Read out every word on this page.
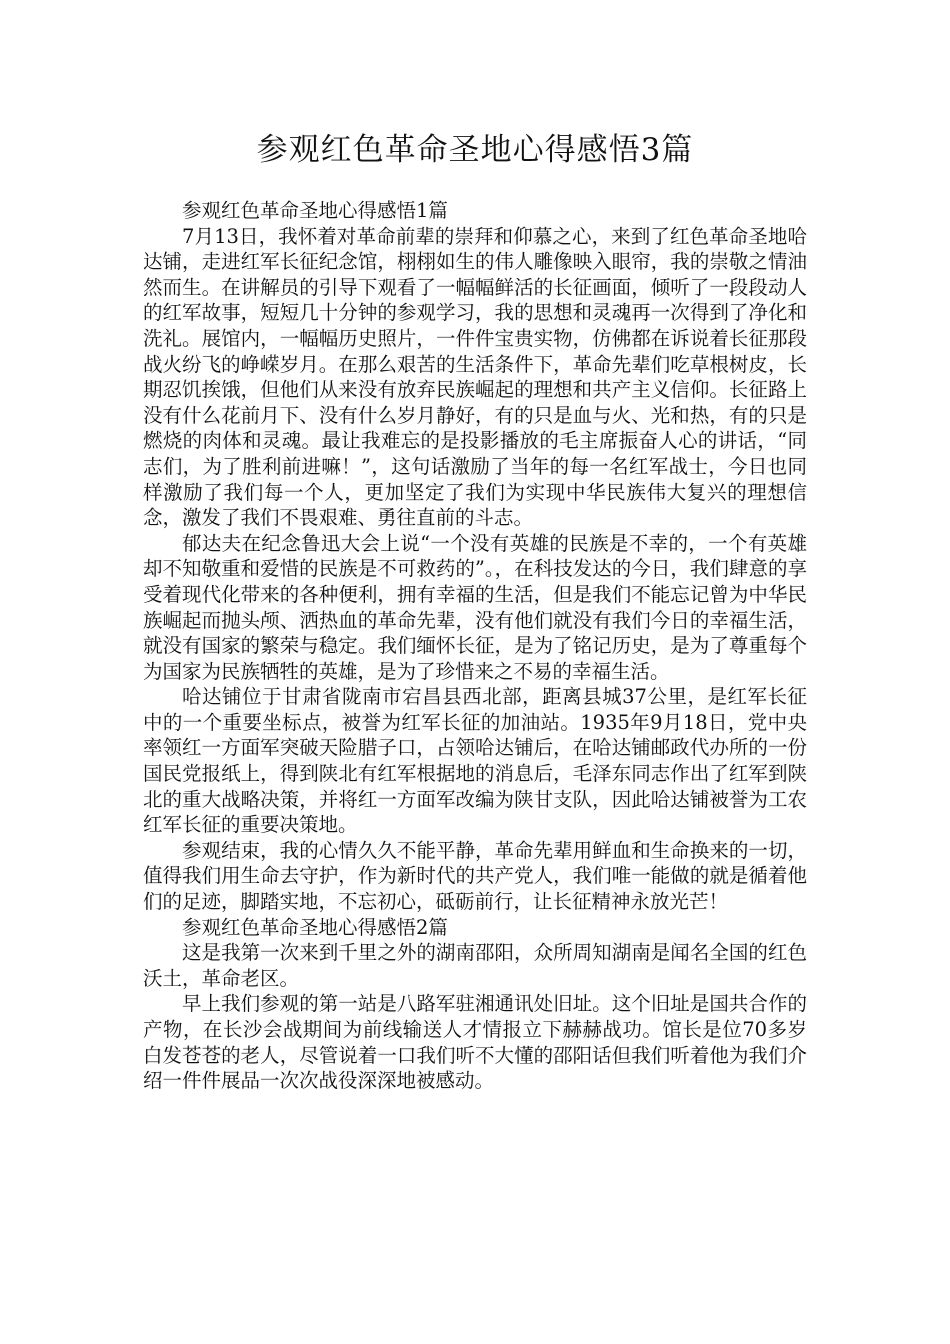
参观红色革命圣地心得感悟3篇

参观红色革命圣地心得感悟1篇

7月13日，我怀着对革命前辈的崇拜和仰慕之心，来到了红色革命圣地哈达铺，走进红军长征纪念馆，栩栩如生的伟人雕像映入眼帘，我的崇敬之情油然而生。在讲解员的引导下观看了一幅幅鲜活的长征画面，倾听了一段段动人的红军故事，短短几十分钟的参观学习，我的思想和灵魂再一次得到了净化和洗礼。展馆内，一幅幅历史照片，一件件宝贵实物，仿佛都在诉说着长征那段战火纷飞的峥嵘岁月。在那么艰苦的生活条件下，革命先辈们吃草根树皮，长期忍饥挨饿，但他们从来没有放弃民族崛起的理想和共产主义信仰。长征路上没有什么花前月下、没有什么岁月静好，有的只是血与火、光和热，有的只是燃烧的肉体和灵魂。最让我难忘的是投影播放的毛主席振奋人心的讲话，“同志们，为了胜利前进嘛！”，这句话激励了当年的每一名红军战士，今日也同样激励了我们每一个人，更加坚定了我们为实现中华民族伟大复兴的理想信念，激发了我们不畏艰难、勇往直前的斗志。

郁达夫在纪念鲁迅大会上说“一个没有英雄的民族是不幸的，一个有英雄却不知敬重和爱惜的民族是不可救药的”。，在科技发达的今日，我们肆意的享受着现代化带来的各种便利，拥有幸福的生活，但是我们不能忘记曾为中华民族崛起而抛头颅、洒热血的革命先辈，没有他们就没有我们今日的幸福生活，就没有国家的繁荣与稳定。我们缅怀长征，是为了铭记历史，是为了尊重每个为国家为民族牺牲的英雄，是为了珍惜来之不易的幸福生活。

哈达铺位于甘肃省陇南市宕昌县西北部，距离县城37公里，是红军长征中的一个重要坐标点，被誉为红军长征的加油站。1935年9月18日，党中央率领红一方面军突破天险腊子口，占领哈达铺后，在哈达铺邮政代办所的一份国民党报纸上，得到陕北有红军根据地的消息后，毛泽东同志作出了红军到陕北的重大战略决策，并将红一方面军改编为陕甘支队，因此哈达铺被誉为工农红军长征的重要决策地。

参观结束，我的心情久久不能平静，革命先辈用鲜血和生命换来的一切，值得我们用生命去守护，作为新时代的共产党人，我们唯一能做的就是循着他们的足迹，脚踏实地，不忘初心，砥砺前行，让长征精神永放光芒！

参观红色革命圣地心得感悟2篇

这是我第一次来到千里之外的湖南邵阳，众所周知湖南是闻名全国的红色沃土，革命老区。

早上我们参观的第一站是八路军驻湘通讯处旧址。这个旧址是国共合作的产物，在长沙会战期间为前线输送人才情报立下赫赫战功。馆长是位70多岁白发苍苍的老人，尽管说着一口我们听不大懂的邵阳话但我们听着他为我们介绍一件件展品一次次战役深深地被感动。
